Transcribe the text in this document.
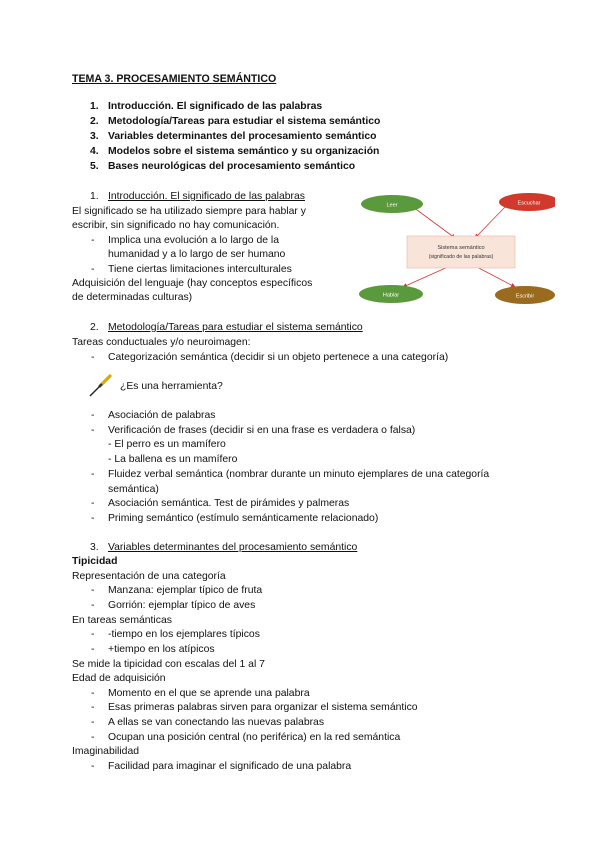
TEMA 3. PROCESAMIENTO SEMÁNTICO
1. Introducción. El significado de las palabras
2. Metodología/Tareas para estudiar el sistema semántico
3. Variables determinantes del procesamiento semántico
4. Modelos sobre el sistema semántico y su organización
5. Bases neurológicas del procesamiento semántico
1. Introducción. El significado de las palabras
El significado se ha utilizado siempre para hablar y
escribir, sin significado no hay comunicación.
- Implica una evolución a lo largo de la
humanidad y a lo largo de ser humano
- Tiene ciertas limitaciones interculturales
Adquisición del lenguaje (hay conceptos específicos
de determinadas culturas)
Leer	Escuchar
Sistema semántico
(significado de las palabras)
Hablar	Escribir
2. Metodología/Tareas para estudiar el sistema semántico
Tareas conductuales y/o neuroimagen:
- Categorización semántica (decidir si un objeto pertenece a una categoría)
¿Es una herramienta?
- Asociación de palabras
- Verificación de frases (decidir si en una frase es verdadera o falsa)
- El perro es un mamífero
- La ballena es un mamífero
- Fluidez verbal semántica (nombrar durante un minuto ejemplares de una categoría
semántica)
- Asociación semántica. Test de pirámides y palmeras
- Priming semántico (estímulo semánticamente relacionado)
3. Variables determinantes del procesamiento semántico
Tipicidad
Representación de una categoría
- Manzana: ejemplar típico de fruta
- Gorrión: ejemplar típico de aves
En tareas semánticas
- -tiempo en los ejemplares típicos
- +tiempo en los atípicos
Se mide la tipicidad con escalas del 1 al 7
Edad de adquisición
- Momento en el que se aprende una palabra
- Esas primeras palabras sirven para organizar el sistema semántico
- A ellas se van conectando las nuevas palabras
- Ocupan una posición central (no periférica) en la red semántica
Imaginabilidad
- Facilidad para imaginar el significado de una palabra
